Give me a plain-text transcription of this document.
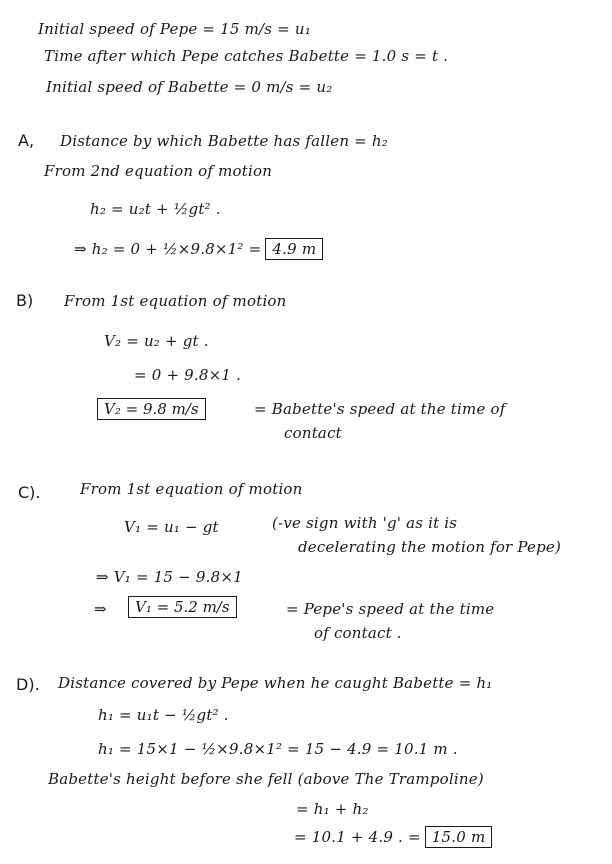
Initial speed of Pepe = 15 m/s = u₁
Time after which Pepe catches Babette = 1.0 s = t .
Initial speed of Babette = 0 m/s = u₂
A, Distance by which Babette has fallen = h₂
From 2nd equation of motion
h₂ = u₂t + ½gt² .
⇒ h₂ = 0 + ½×9.8×1² = 4.9 m
B) From 1st equation of motion
V₂ = u₂ + gt .
= 0 + 9.8×1 .
V₂ = 9.8 m/s	= Babette's speed at the time of
contact
C).	From 1st equation of motion
V₁ = u₁ − gt	(-ve sign with 'g' as it is
decelerating the motion for Pepe)
⇒ V₁ = 15 − 9.8×1
⇒	V₁ = 5.2 m/s	= Pepe's speed at the time
of contact .
D). Distance covered by Pepe when he caught Babette = h₁
h₁ = u₁t − ½gt² .
h₁ = 15×1 − ½×9.8×1² = 15 − 4.9 = 10.1 m .
Babette's height before she fell (above The Trampoline)
= h₁ + h₂
= 10.1 + 4.9 . = 15.0 m
